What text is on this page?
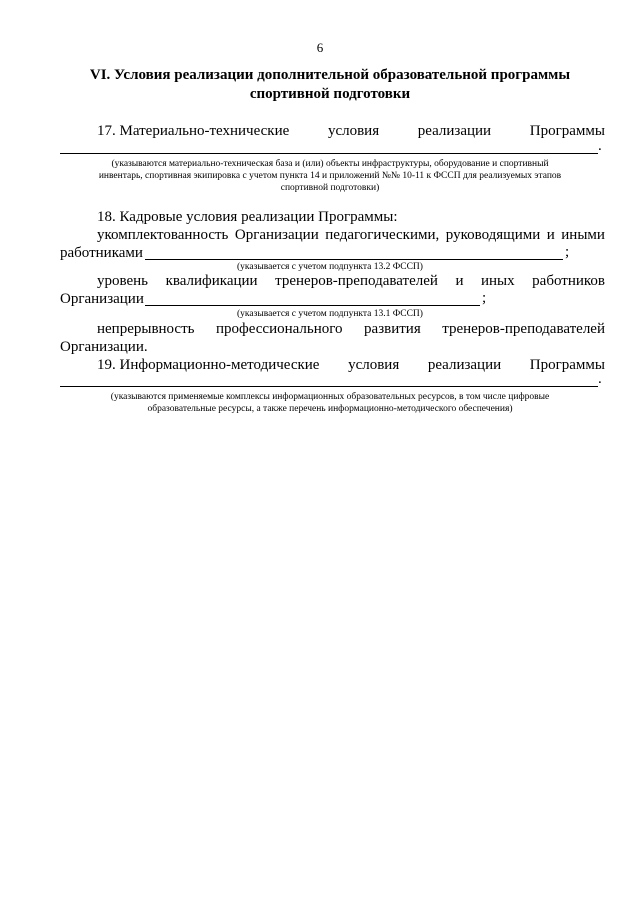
6
VI. Условия реализации дополнительной образовательной программы
спортивной подготовки
17. Материально-технические	условия	реализации	Программы
.
(указываются материально-техническая база и (или) объекты инфраструктуры, оборудование и спортивный
инвентарь, спортивная экипировка с учетом пункта 14 и приложений №№ 10-11 к ФССП для реализуемых этапов
спортивной подготовки)
18. Кадровые условия реализации Программы:
укомплектованность Организации педагогическими, руководящими и иными
работниками	;
(указывается с учетом подпункта 13.2 ФССП)
уровень квалификации тренеров-преподавателей и иных работников
Организации	;
(указывается с учетом подпункта 13.1 ФССП)
непрерывность профессионального развития тренеров-преподавателей
Организации.
19. Информационно-методические условия реализации Программы
.
(указываются применяемые комплексы информационных образовательных ресурсов, в том числе цифровые
образовательные ресурсы, а также перечень информационно-методического обеспечения)
